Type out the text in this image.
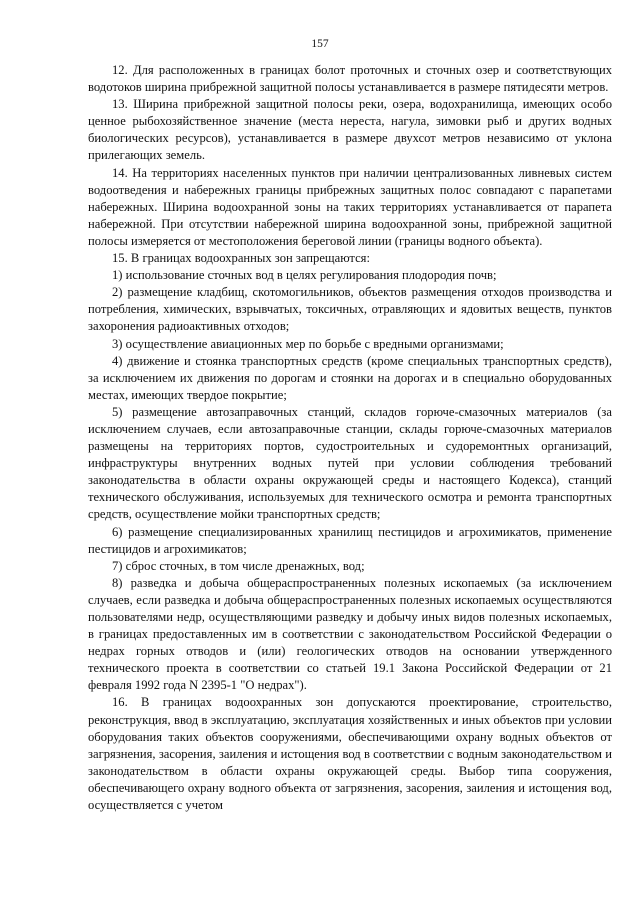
157

12. Для расположенных в границах болот проточных и сточных озер и соответствующих водотоков ширина прибрежной защитной полосы устанавливается в размере пятидесяти метров.

13. Ширина прибрежной защитной полосы реки, озера, водохранилища, имеющих особо ценное рыбохозяйственное значение (места нереста, нагула, зимовки рыб и других водных биологических ресурсов), устанавливается в размере двухсот метров независимо от уклона прилегающих земель.

14. На территориях населенных пунктов при наличии централизованных ливневых систем водоотведения и набережных границы прибрежных защитных полос совпадают с парапетами набережных. Ширина водоохранной зоны на таких территориях устанавливается от парапета набережной. При отсутствии набережной ширина водоохранной зоны, прибрежной защитной полосы измеряется от местоположения береговой линии (границы водного объекта).

15. В границах водоохранных зон запрещаются:

1) использование сточных вод в целях регулирования плодородия почв;

2) размещение кладбищ, скотомогильников, объектов размещения отходов производства и потребления, химических, взрывчатых, токсичных, отравляющих и ядовитых веществ, пунктов захоронения радиоактивных отходов;

3) осуществление авиационных мер по борьбе с вредными организмами;

4) движение и стоянка транспортных средств (кроме специальных транспортных средств), за исключением их движения по дорогам и стоянки на дорогах и в специально оборудованных местах, имеющих твердое покрытие;

5) размещение автозаправочных станций, складов горюче-смазочных материалов (за исключением случаев, если автозаправочные станции, склады горюче-смазочных материалов размещены на территориях портов, судостроительных и судоремонтных организаций, инфраструктуры внутренних водных путей при условии соблюдения требований законодательства в области охраны окружающей среды и настоящего Кодекса), станций технического обслуживания, используемых для технического осмотра и ремонта транспортных средств, осуществление мойки транспортных средств;

6) размещение специализированных хранилищ пестицидов и агрохимикатов, применение пестицидов и агрохимикатов;

7) сброс сточных, в том числе дренажных, вод;

8) разведка и добыча общераспространенных полезных ископаемых (за исключением случаев, если разведка и добыча общераспространенных полезных ископаемых осуществляются пользователями недр, осуществляющими разведку и добычу иных видов полезных ископаемых, в границах предоставленных им в соответствии с законодательством Российской Федерации о недрах горных отводов и (или) геологических отводов на основании утвержденного технического проекта в соответствии со статьей 19.1 Закона Российской Федерации от 21 февраля 1992 года N 2395-1 "О недрах").

16. В границах водоохранных зон допускаются проектирование, строительство, реконструкция, ввод в эксплуатацию, эксплуатация хозяйственных и иных объектов при условии оборудования таких объектов сооружениями, обеспечивающими охрану водных объектов от загрязнения, засорения, заиления и истощения вод в соответствии с водным законодательством и законодательством в области охраны окружающей среды. Выбор типа сооружения, обеспечивающего охрану водного объекта от загрязнения, засорения, заиления и истощения вод, осуществляется с учетом
